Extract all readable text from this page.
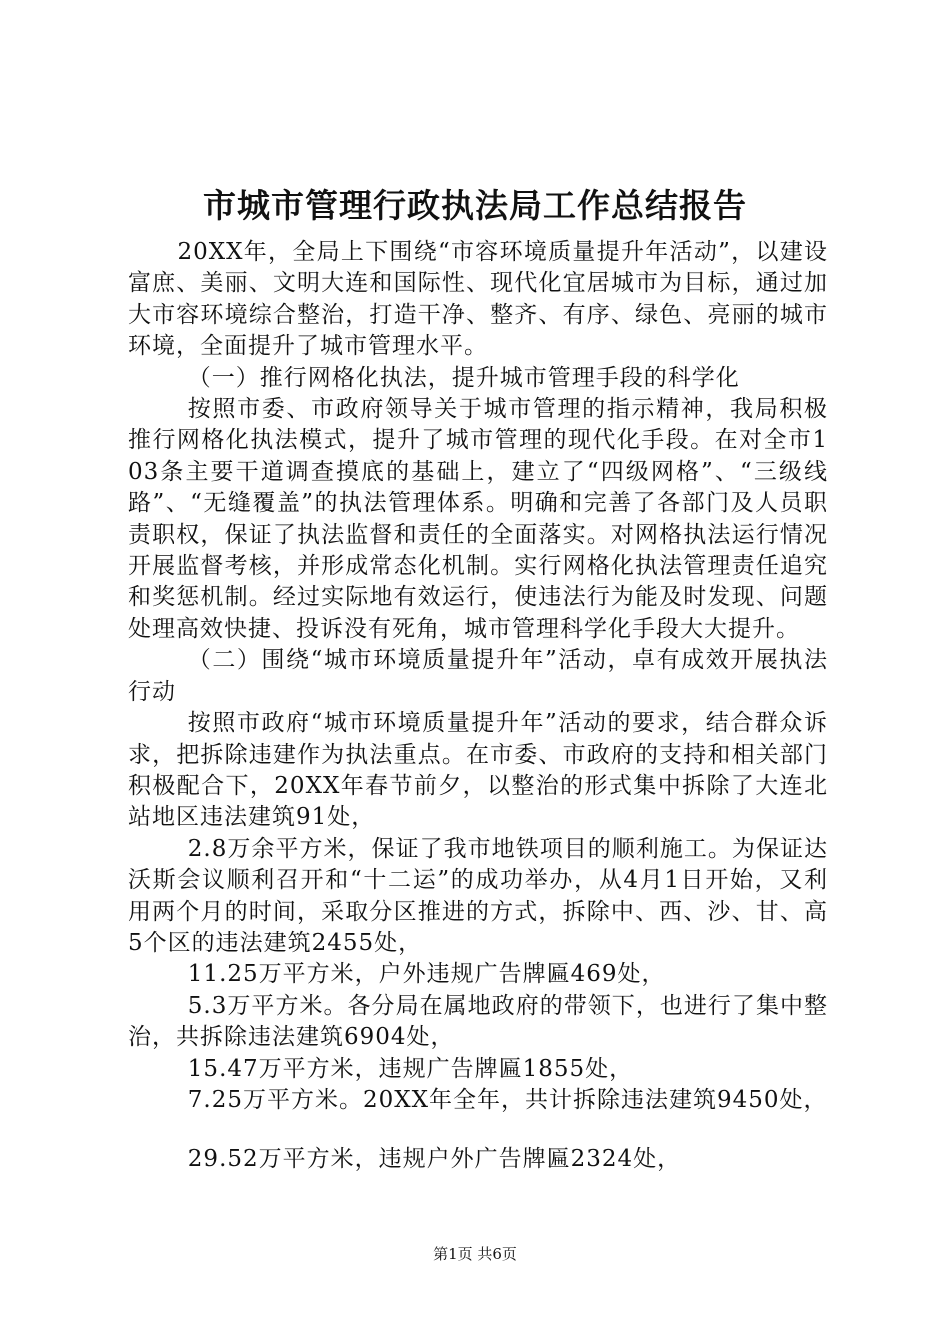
市城市管理行政执法局工作总结报告

20XX年，全局上下围绕“市容环境质量提升年活动”，以建设富庶、美丽、文明大连和国际性、现代化宜居城市为目标，通过加大市容环境综合整治，打造干净、整齐、有序、绿色、亮丽的城市环境，全面提升了城市管理水平。

（一）推行网格化执法，提升城市管理手段的科学化

按照市委、市政府领导关于城市管理的指示精神，我局积极推行网格化执法模式，提升了城市管理的现代化手段。在对全市103条主要干道调查摸底的基础上，建立了“四级网格”、“三级线路”、“无缝覆盖”的执法管理体系。明确和完善了各部门及人员职责职权，保证了执法监督和责任的全面落实。对网格执法运行情况开展监督考核，并形成常态化机制。实行网格化执法管理责任追究和奖惩机制。经过实际地有效运行，使违法行为能及时发现、问题处理高效快捷、投诉没有死角，城市管理科学化手段大大提升。

（二）围绕“城市环境质量提升年”活动，卓有成效开展执法行动

按照市政府“城市环境质量提升年”活动的要求，结合群众诉求，把拆除违建作为执法重点。在市委、市政府的支持和相关部门积极配合下，20XX年春节前夕，以整治的形式集中拆除了大连北站地区违法建筑91处，

2.8万余平方米，保证了我市地铁项目的顺利施工。为保证达沃斯会议顺利召开和“十二运”的成功举办，从4月1日开始，又利用两个月的时间，采取分区推进的方式，拆除中、西、沙、甘、高5个区的违法建筑2455处，

11.25万平方米，户外违规广告牌匾469处，

5.3万平方米。各分局在属地政府的带领下，也进行了集中整治，共拆除违法建筑6904处，

15.47万平方米，违规广告牌匾1855处，

7.25万平方米。20XX年全年，共计拆除违法建筑9450处，

29.52万平方米，违规户外广告牌匾2324处，

第1页 共6页
